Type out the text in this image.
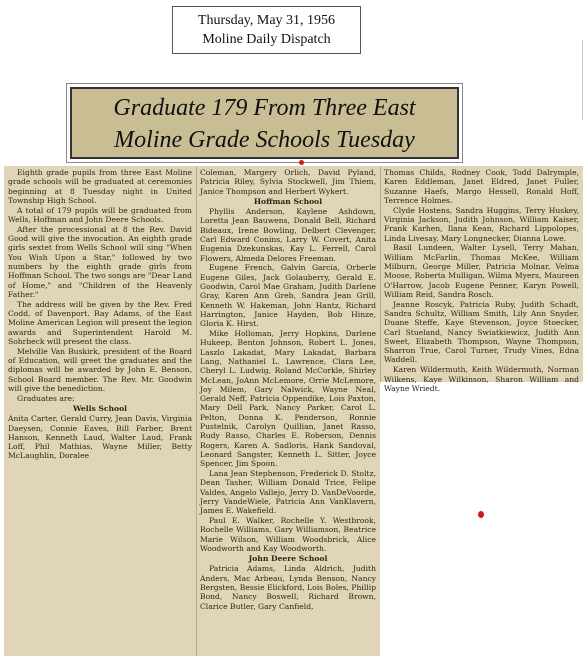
Thursday, May 31, 1956
Moline Daily Dispatch
Graduate 179 From Three East
Moline Grade Schools Tuesday

Eighth grade pupils from three East Moline grade schools will be graduated at ceremonies beginning at 8 Tuesday night in United Township High School.

A total of 179 pupils will be graduated from Wells, Hoffman and John Deere Schools.

After the processional at 8 the Rev. David Good will give the invocation. An eighth grade girls sextet from Wells School will sing "When You Wish Upon a Star," followed by two numbers by the eighth grade girls from Hoffman School. The two songs are "Dear Land of Home," and "Children of the Heavenly Father."

The address will be given by the Rev. Fred Codd, of Davenport. Ray Adams, of the East Moline American Legion will present the legion awards and Superintendent Harold M. Sohrbeck will present the class.

Melville Van Buskirk, president of the Board of Education, will greet the graduates and the diplomas will be awarded by John E. Benson, School Board member. The Rev. Mr. Goodwin will give the benediction.

Graduates are:

Wells School

Anita Carter, Gerald Curry, Jean Davis, Virginia Daeysen, Connie Eaves, Bill Farber, Brent Hanson, Kenneth Laud, Walter Laud, Frank Loff, Phil Mathias, Wayne Miller, Betty McLaughlin, Doralee

Coleman, Margery Orlich, David Pyland, Patricia Riley, Sylvia Stockwell, Jim Thiem, Janice Thompson and Herbert Wykert.

Hoffman School

Phyllis Anderson, Kaylene Ashdown, Loretta Jean Bauwens, Donald Bell, Richard Bideaux, Irene Bowling, Delbert Clevenger, Carl Edward Conins, Larry W. Covert, Anita Eugenia Dzekunskas, Kay L. Ferrell, Carol Flowers, Almeda Delores Freeman.

Eugene French, Galvin Garcia, Orberle Eugene Giles, Jack Golauberry, Gerald E. Goodwin, Carol Mae Graham, Judith Darlene Gray, Karen Ann Greb, Sandra Jean Grill, Kenneth W. Hakeman, John Hantz, Richard Harrington, Janice Hayden, Bob Hinze, Gloria K. Hirst.

Mike Holloman, Jerry Hopkins, Darlene Hukeep, Benton Johnson, Robert L. Jones, Laszlo Lakadat, Mary Lakadat, Barbara Lang, Nathaniel L. Lawrence, Clara Lee, Cheryl L. Ludwig, Roland McCorkle, Shirley McLean, JoAnn McLemore, Orrie McLemore, Joy Milem, Gary Nalwick, Wayne Neal, Gerald Neff, Patricia Oppendike, Lois Paxton, Mary Dell Park, Nancy Parker, Carol L. Pelton, Donna K. Penderson, Ronnie Pustelnik, Carolyn Quillian, Janet Rasso, Rudy Rasso, Charles E. Roberson, Dennis Rogers, Karen A. Sadloris, Hank Sandoval, Leonard Sangster, Kenneth L. Sitter, Joyce Spencer, Jim Spoon.

Lana Jean Stephenson, Frederick D. Stoltz, Dean Tasher, William Donald Trice, Felipe Valdes, Angelo Vallejo, Jerry D. VanDeVoorde, Jerry VandeWiele, Patricia Ann VanKlavern, James E. Wakefield.

Paul E. Walker, Rochelle Y. Westbrook, Rochelle Williams, Gary Williamson, Beatrice Marie Wilson, William Woodsbrick, Alice Woodworth and Kay Woodworth.

John Deere School

Patricia Adams, Linda Aldrich, Judith Anders, Mac Arbeau, Lynda Benson, Nancy Bergsten, Bessie Elickford, Lois Boles, Phillip Bond, Nancy Boswell, Richard Brown, Clarice Butler, Gary Canfield,

Thomas Childs, Rodney Cook, Todd Dalrymple, Karen Eddleman, Janet Eldred, Janet Fuller, Suzanne Haefs, Margo Hessell, Ronald Hoff, Terrence Holmes.

Clyde Hostens, Sandra Huggins, Terry Huskey, Virginia Jackson, Judith Johnson, William Kaiser, Frank Karhen, Ilana Kean, Richard Lippolopes, Linda Livesay, Mary Longnecker, Dianna Lowe.

Basil Lundeen, Walter Lysell, Terry Mahan, William McFarlin, Thomas McKee, William Milburn, George Miller, Patricia Molnar, Velma Moose, Roberta Mulligan, Wilma Myers, Maureen O'Harrow, Jacob Eugene Penner, Karyn Powell, William Reid, Sandra Rosch.

Jeanne Roscyk, Patricia Ruby, Judith Schadt, Sandra Schultz, William Smith, Lily Ann Snyder, Duane Steffe, Kaye Stevenson, Joyce Stoecker, Carl Stueland, Nancy Swiatkiewicz, Judith Ann Sweet, Elizabeth Thompson, Wayne Thompson, Sharron True, Carol Turner, Trudy Vines, Edna Waddell.

Karen Wildermuth, Keith Wildermuth, Norman Wilkens, Kaye Wilkinson, Sharon William and Wayne Wriedt.
